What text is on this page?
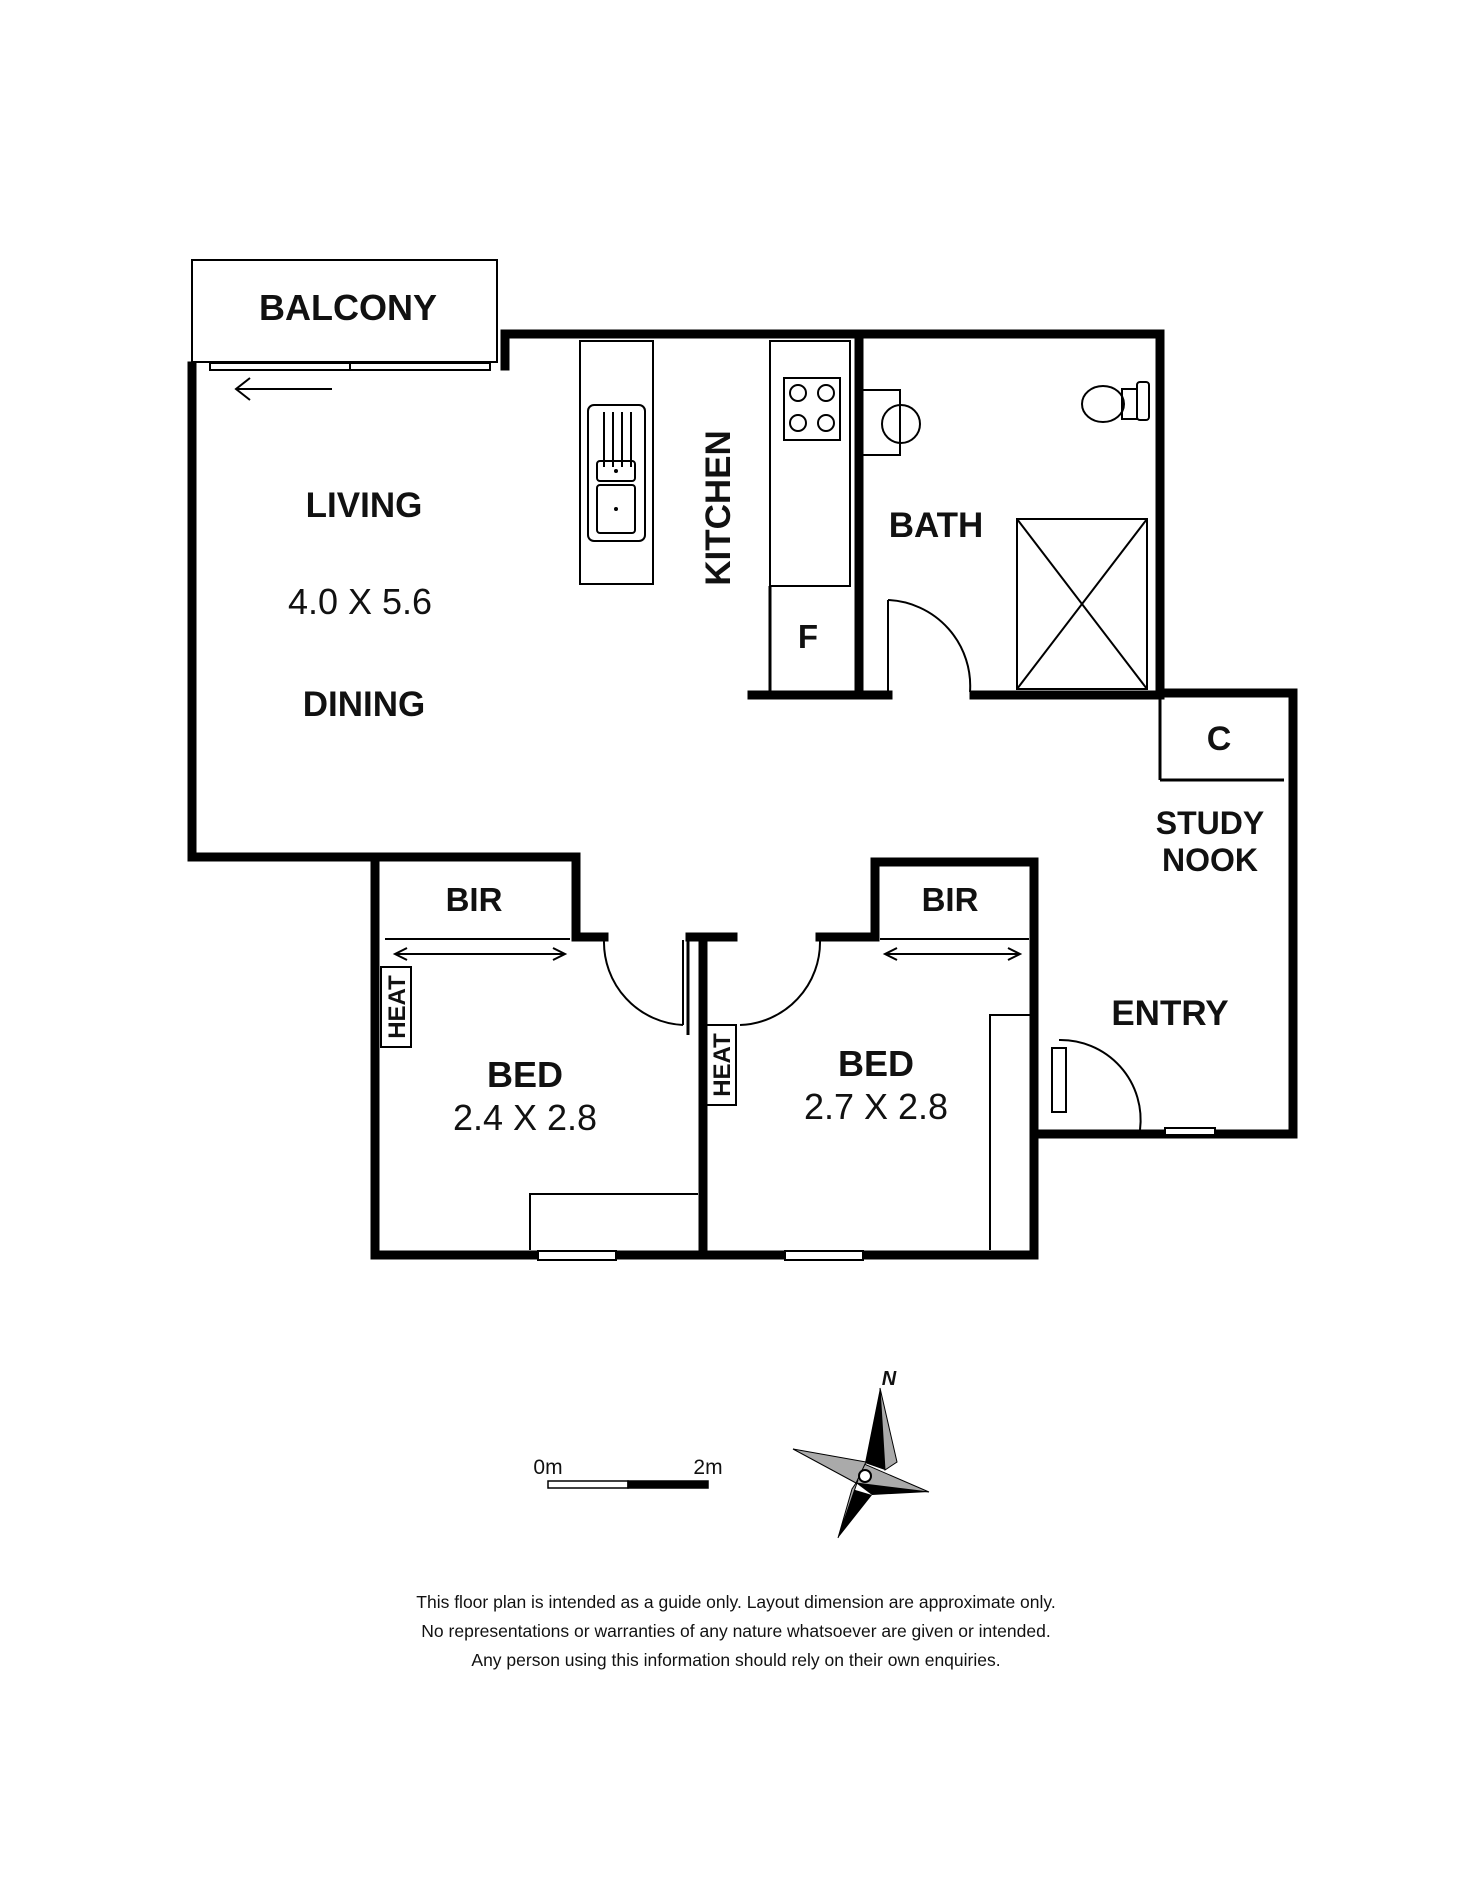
BALCONY
LIVING
4.0 X 5.6
DINING
KITCHEN
F
BATH
C
STUDY
NOOK
ENTRY
BIR	BIR
HEAT
HEAT
BED
2.4 X 2.8
BED
2.7 X 2.8
0m	2m
N
This floor plan is intended as a guide only. Layout dimension are approximate only.
No representations or warranties of any nature whatsoever are given or intended.
Any person using this information should rely on their own enquiries.
